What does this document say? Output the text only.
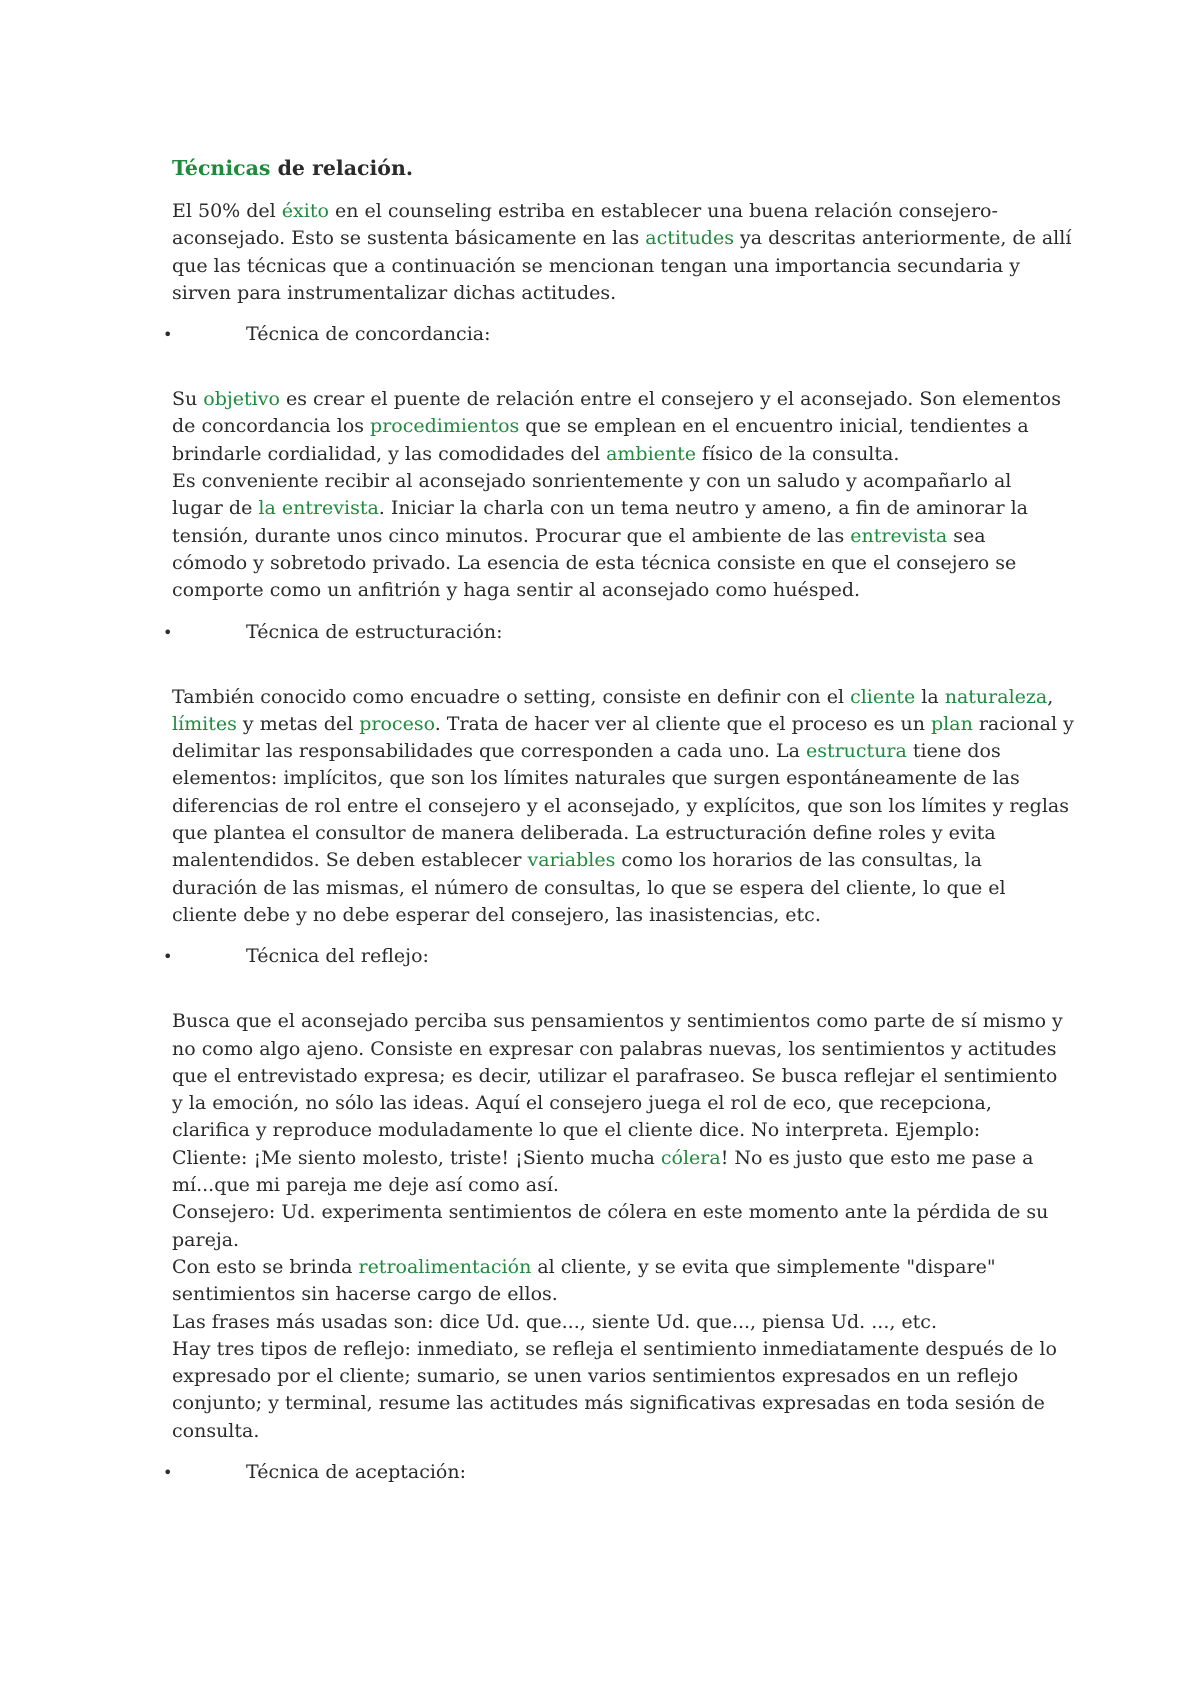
Técnicas de relación.

El 50% del éxito en el counseling estriba en establecer una buena relación consejero-

aconsejado. Esto se sustenta básicamente en las actitudes ya descritas anteriormente, de allí

que las técnicas que a continuación se mencionan tengan una importancia secundaria y

sirven para instrumentalizar dichas actitudes.

•	Técnica de concordancia:

Su objetivo es crear el puente de relación entre el consejero y el aconsejado. Son elementos

de concordancia los procedimientos que se emplean en el encuentro inicial, tendientes a

brindarle cordialidad, y las comodidades del ambiente físico de la consulta.

Es conveniente recibir al aconsejado sonrientemente y con un saludo y acompañarlo al

lugar de la entrevista. Iniciar la charla con un tema neutro y ameno, a fin de aminorar la

tensión, durante unos cinco minutos. Procurar que el ambiente de las entrevista sea

cómodo y sobretodo privado. La esencia de esta técnica consiste en que el consejero se

comporte como un anfitrión y haga sentir al aconsejado como huésped.

•	Técnica de estructuración:

También conocido como encuadre o setting, consiste en definir con el cliente la naturaleza,

límites y metas del proceso. Trata de hacer ver al cliente que el proceso es un plan racional y

delimitar las responsabilidades que corresponden a cada uno. La estructura tiene dos

elementos: implícitos, que son los límites naturales que surgen espontáneamente de las

diferencias de rol entre el consejero y el aconsejado, y explícitos, que son los límites y reglas

que plantea el consultor de manera deliberada. La estructuración define roles y evita

malentendidos. Se deben establecer variables como los horarios de las consultas, la

duración de las mismas, el número de consultas, lo que se espera del cliente, lo que el

cliente debe y no debe esperar del consejero, las inasistencias, etc.

•	Técnica del reflejo:

Busca que el aconsejado perciba sus pensamientos y sentimientos como parte de sí mismo y

no como algo ajeno. Consiste en expresar con palabras nuevas, los sentimientos y actitudes

que el entrevistado expresa; es decir, utilizar el parafraseo. Se busca reflejar el sentimiento

y la emoción, no sólo las ideas. Aquí el consejero juega el rol de eco, que recepciona,

clarifica y reproduce moduladamente lo que el cliente dice. No interpreta. Ejemplo:

Cliente: ¡Me siento molesto, triste! ¡Siento mucha cólera! No es justo que esto me pase a

mí...que mi pareja me deje así como así.

Consejero: Ud. experimenta sentimientos de cólera en este momento ante la pérdida de su

pareja.

Con esto se brinda retroalimentación al cliente, y se evita que simplemente "dispare"

sentimientos sin hacerse cargo de ellos.

Las frases más usadas son: dice Ud. que..., siente Ud. que..., piensa Ud. ..., etc.

Hay tres tipos de reflejo: inmediato, se refleja el sentimiento inmediatamente después de lo

expresado por el cliente; sumario, se unen varios sentimientos expresados en un reflejo

conjunto; y terminal, resume las actitudes más significativas expresadas en toda sesión de

consulta.

•	Técnica de aceptación:
